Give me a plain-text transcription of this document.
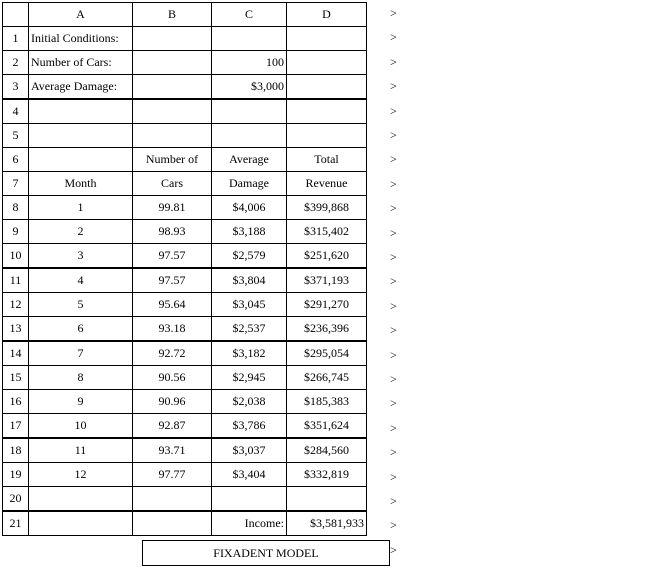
	A	B	C	D
1	Initial Conditions:			
2	Number of Cars:		100	
3	Average Damage:		$3,000	
4				
5				
6		Number of	Average	Total
7	Month	Cars	Damage	Revenue
8	1	99.81	$4,006	$399,868
9	2	98.93	$3,188	$315,402
10	3	97.57	$2,579	$251,620
11	4	97.57	$3,804	$371,193
12	5	95.64	$3,045	$291,270
13	6	93.18	$2,537	$236,396
14	7	92.72	$3,182	$295,054
15	8	90.56	$2,945	$266,745
16	9	90.96	$2,038	$185,383
17	10	92.87	$3,786	$351,624
18	11	93.71	$3,037	$284,560
19	12	97.77	$3,404	$332,819
20				
21			Income:	$3,581,933
FIXADENT MODEL
>
>
>
>
>
>
>
>
>
>
>
>
>
>
>
>
>
>
>
>
>
>
>
